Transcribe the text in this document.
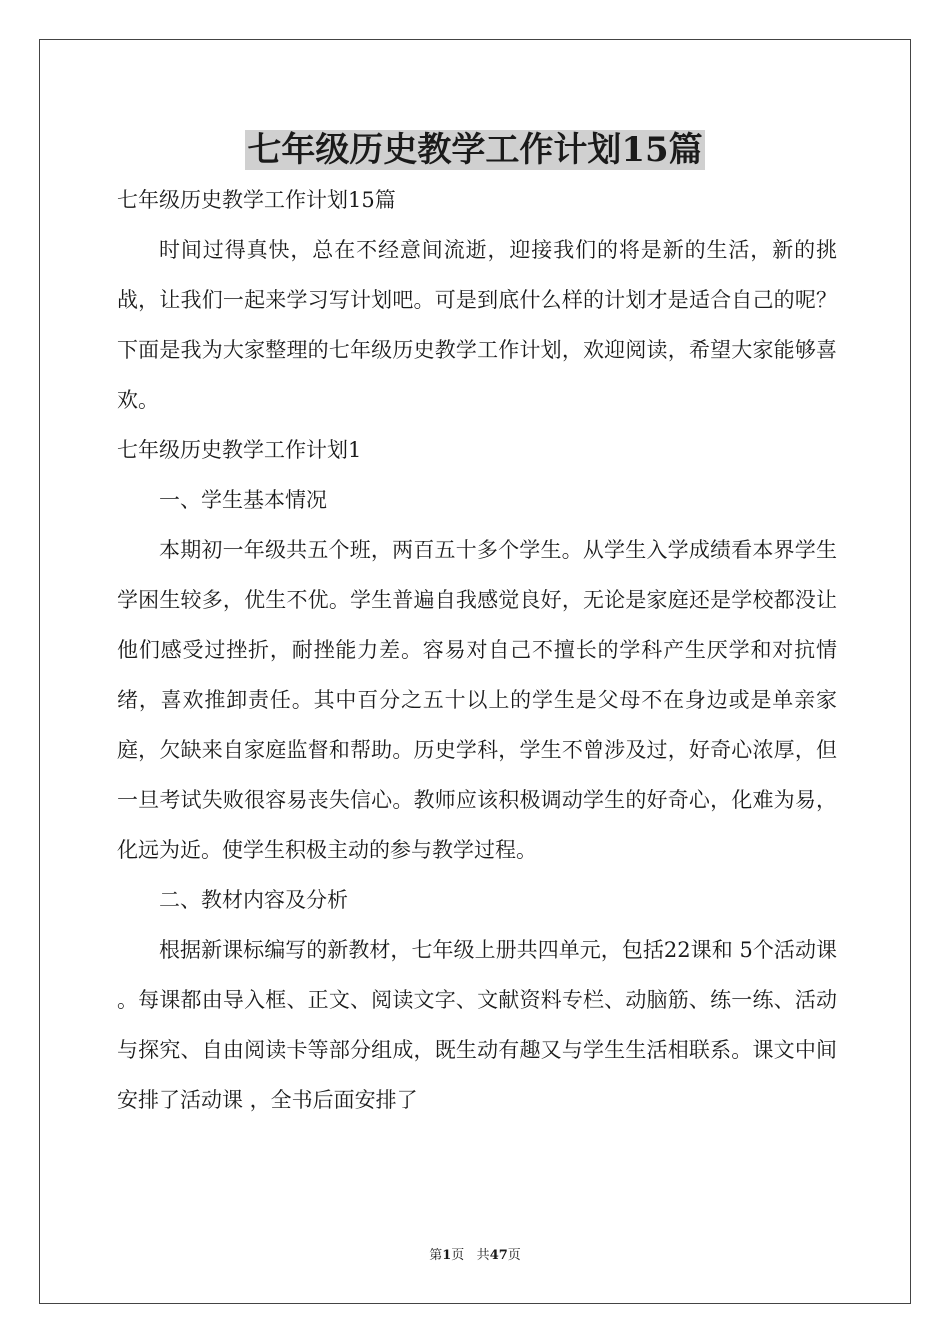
七年级历史教学工作计划15篇

七年级历史教学工作计划15篇

时间过得真快，总在不经意间流逝，迎接我们的将是新的生活，新的挑战，让我们一起来学习写计划吧。可是到底什么样的计划才是适合自己的呢？下面是我为大家整理的七年级历史教学工作计划，欢迎阅读，希望大家能够喜欢。

七年级历史教学工作计划1

一、学生基本情况

本期初一年级共五个班，两百五十多个学生。从学生入学成绩看本界学生学困生较多，优生不优。学生普遍自我感觉良好，无论是家庭还是学校都没让他们感受过挫折，耐挫能力差。容易对自己不擅长的学科产生厌学和对抗情绪，喜欢推卸责任。其中百分之五十以上的学生是父母不在身边或是单亲家庭，欠缺来自家庭监督和帮助。历史学科，学生不曾涉及过，好奇心浓厚，但一旦考试失败很容易丧失信心。教师应该积极调动学生的好奇心，化难为易，化远为近。使学生积极主动的参与教学过程。

二、教材内容及分析

根据新课标编写的新教材，七年级上册共四单元，包括22课和 5个活动课 。每课都由导入框、正文、阅读文字、文献资料专栏、动脑筋、练一练、活动与探究、自由阅读卡等部分组成，既生动有趣又与学生生活相联系。课文中间安排了活动课 ，全书后面安排了

第1页 共47页
